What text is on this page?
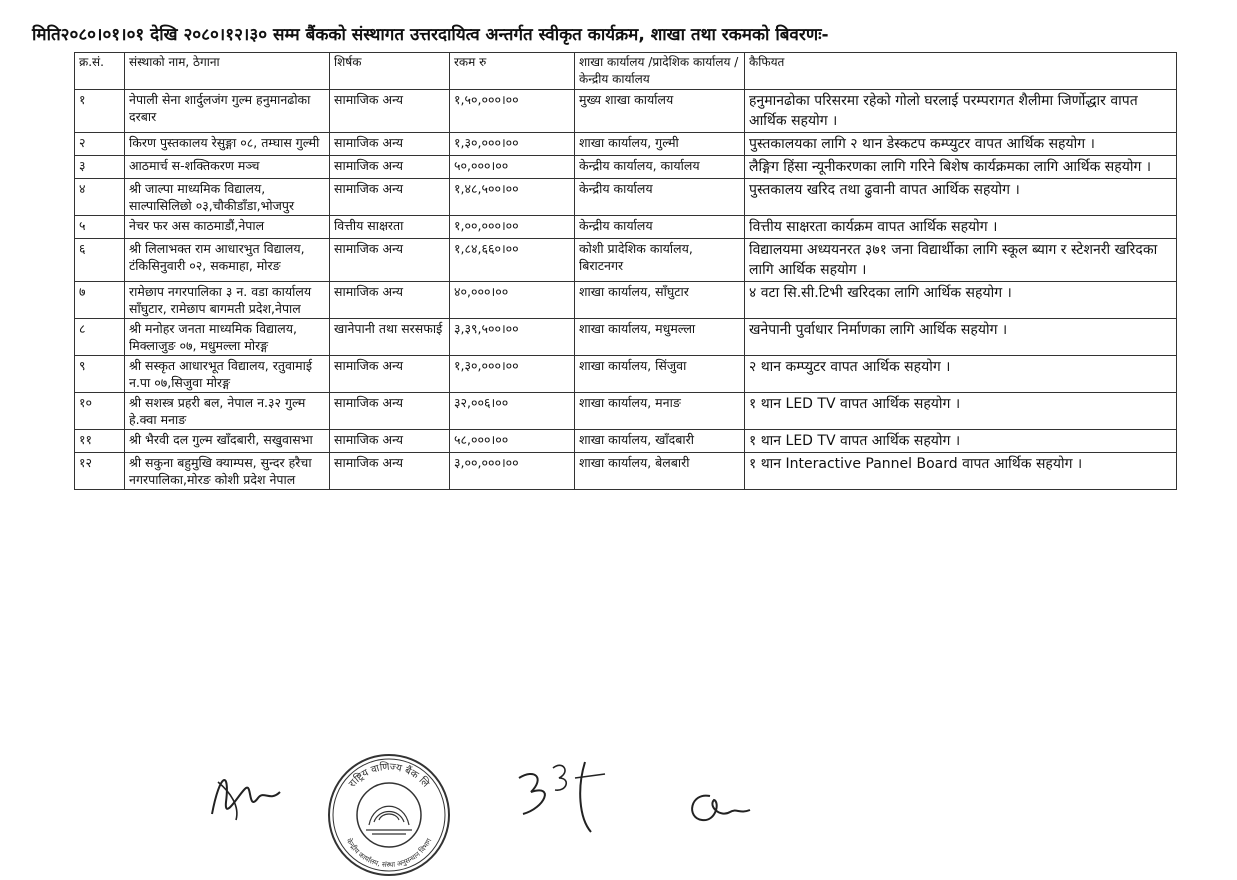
मिति२०८०।०१।०१ देखि २०८०।१२।३० सम्म बैंकको संस्थागत उत्तरदायित्व अन्तर्गत स्वीकृत कार्यक्रम, शाखा तथा रकमको बिवरणः-
क्र.सं.	संस्थाको नाम, ठेगाना	शिर्षक	रकम रु	शाखा कार्यालय /प्रादेशिक कार्यालय / केन्द्रीय कार्यालय	कैफियत
१	नेपाली सेना शार्दुलजंग गुल्म हनुमानढोका दरबार	सामाजिक अन्य	१,५०,०००।००	मुख्य शाखा कार्यालय	हनुमानढोका परिसरमा रहेको गोलो घरलाई परम्परागत शैलीमा जिर्णोद्धार वापत आर्थिक सहयोग ।
२	किरण पुस्तकालय रेसुङ्गा ०८, तम्घास गुल्मी	सामाजिक अन्य	१,३०,०००।००	शाखा कार्यालय, गुल्मी	पुस्तकालयका लागि २ थान डेस्कटप कम्प्युटर वापत आर्थिक सहयोग ।
३	आठमार्च स-शक्तिकरण मञ्च	सामाजिक अन्य	५०,०००।००	केन्द्रीय कार्यालय, कार्यालय	लैङ्गिग हिंसा न्यूनीकरणका लागि गरिने बिशेष कार्यक्रमका लागि आर्थिक सहयोग ।
४	श्री जाल्पा माध्यमिक विद्यालय, साल्पासिलिछो ०३,चौकीडाँडा,भोजपुर	सामाजिक अन्य	१,४८,५००।००	केन्द्रीय कार्यालय	पुस्तकालय खरिद तथा ढुवानी वापत आर्थिक सहयोग ।
५	नेचर फर अस काठमाडौं,नेपाल	वित्तीय साक्षरता	१,००,०००।००	केन्द्रीय कार्यालय	वित्तीय साक्षरता कार्यक्रम वापत आर्थिक सहयोग ।
६	श्री लिलाभक्त राम आधारभुत विद्यालय, टंकिसिनुवारी ०२, सकमाहा, मोरङ	सामाजिक अन्य	१,८४,६६०।००	कोशी प्रादेशिक कार्यालय, बिराटनगर	विद्यालयमा अध्ययनरत ३७१ जना विद्यार्थीका लागि स्कूल ब्याग र स्टेशनरी खरिदका लागि आर्थिक सहयोग ।
७	रामेछाप नगरपालिका ३ न. वडा कार्यालय साँघुटार, रामेछाप बागमती प्रदेश,नेपाल	सामाजिक अन्य	४०,०००।००	शाखा कार्यालय, साँघुटार	४ वटा सि.सी.टिभी खरिदका लागि आर्थिक सहयोग ।
८	श्री मनोहर जनता माध्यमिक विद्यालय, मिक्लाजुङ ०७, मधुमल्ला मोरङ्ग	खानेपानी तथा सरसफाई	३,३९,५००।००	शाखा कार्यालय, मधुमल्ला	खनेपानी पुर्वाधार निर्माणका लागि आर्थिक सहयोग ।
९	श्री सस्कृत आधारभूत विद्यालय, रतुवामाई न.पा ०७,सिजुवा मोरङ्ग	सामाजिक अन्य	१,३०,०००।००	शाखा कार्यालय, सिंजुवा	२ थान कम्प्युटर वापत आर्थिक सहयोग ।
१०	श्री सशस्त्र प्रहरी बल, नेपाल न.३२ गुल्म हे.क्वा मनाङ	सामाजिक अन्य	३२,००६।००	शाखा कार्यालय, मनाङ	१ थान LED TV वापत आर्थिक सहयोग ।
११	श्री भैरवी दल गुल्म खाँदबारी, सखुवासभा	सामाजिक अन्य	५८,०००।००	शाखा कार्यालय, खाँदबारी	१ थान LED TV वापत आर्थिक सहयोग ।
१२	श्री सकुना बहुमुखि क्याम्पस, सुन्दर हरैचा नगरपालिका,मोरङ कोशी प्रदेश नेपाल	सामाजिक अन्य	३,००,०००।००	शाखा कार्यालय, बेलबारी	१ थान Interactive Pannel Board वापत आर्थिक सहयोग ।
राष्ट्रिय वाणिज्य बैंक लि
केन्द्रीय कार्यालय, संस्था अनुसन्धान विभाग
